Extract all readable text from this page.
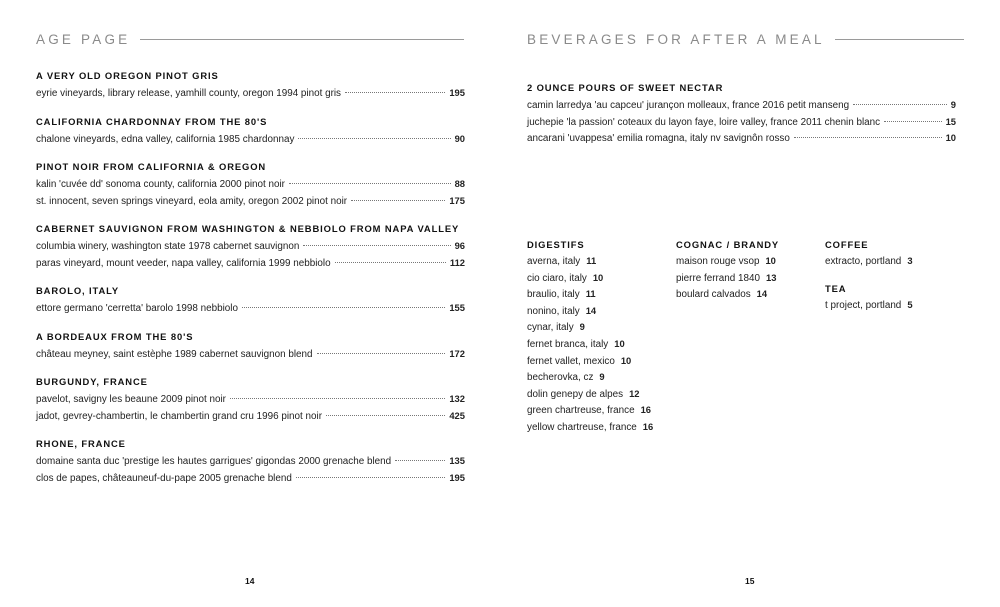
AGE PAGE
A VERY OLD OREGON PINOT GRIS
eyrie vineyards, library release, yamhill county, oregon 1994 pinot gris	195
CALIFORNIA CHARDONNAY FROM THE 80'S
chalone vineyards, edna valley, california 1985 chardonnay	90
PINOT NOIR FROM CALIFORNIA & OREGON
kalin 'cuvée dd' sonoma county, california 2000 pinot noir	88
st. innocent, seven springs vineyard, eola amity, oregon 2002 pinot noir	175
CABERNET SAUVIGNON FROM WASHINGTON & NEBBIOLO FROM NAPA VALLEY
columbia winery, washington state 1978 cabernet sauvignon	96
paras vineyard, mount veeder, napa valley, california 1999 nebbiolo	112
BAROLO, ITALY
ettore germano 'cerretta' barolo 1998 nebbiolo	155
A BORDEAUX FROM THE 80'S
château meyney, saint estèphe 1989 cabernet sauvignon blend	172
BURGUNDY, FRANCE
pavelot, savigny les beaune 2009 pinot noir	132
jadot, gevrey-chambertin, le chambertin grand cru 1996 pinot noir	425
RHONE, FRANCE
domaine santa duc 'prestige les hautes garrigues' gigondas 2000 grenache blend	135
clos de papes, châteauneuf-du-pape 2005 grenache blend	195
14
BEVERAGES FOR AFTER A MEAL
2 OUNCE POURS OF SWEET NECTAR
camin larredya 'au capceu' jurançon molleaux, france 2016 petit manseng	9
juchepie 'la passion' coteaux du layon faye, loire valley, france 2011 chenin blanc	15
ancarani 'uvappesa' emilia romagna, italy nv savignôn rosso	10
DIGESTIFS
averna, italy 11
cio ciaro, italy 10
braulio, italy 11
nonino, italy 14
cynar, italy 9
fernet branca, italy 10
fernet vallet, mexico 10
becherovka, cz 9
dolin genepy de alpes 12
green chartreuse, france 16
yellow chartreuse, france 16
COGNAC / BRANDY
maison rouge vsop 10
pierre ferrand 1840 13
boulard calvados 14
COFFEE
extracto, portland 3
TEA
t project, portland 5
15
